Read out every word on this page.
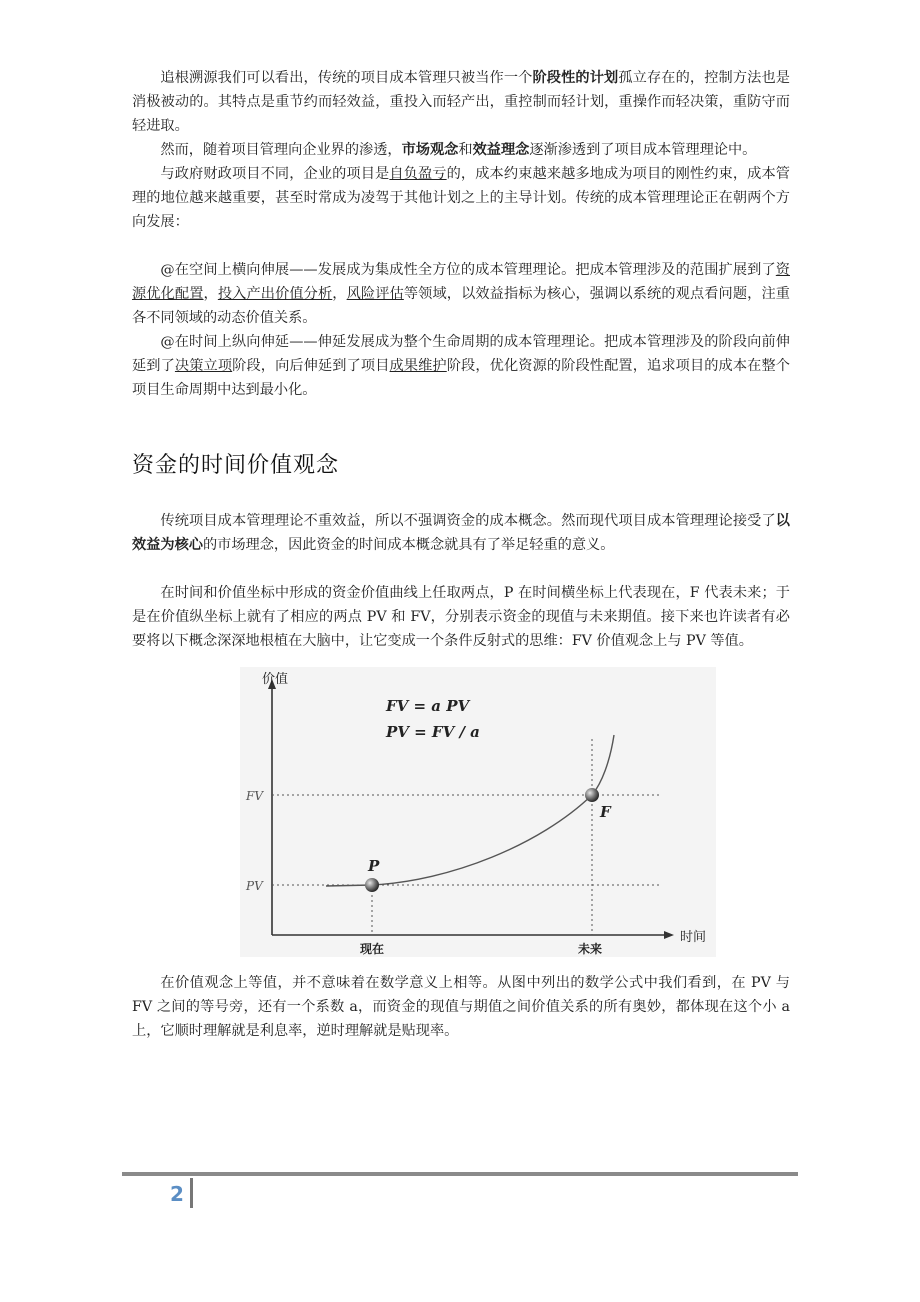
追根溯源我们可以看出，传统的项目成本管理只被当作一个阶段性的计划孤立存在的，控制方法也是消极被动的。其特点是重节约而轻效益，重投入而轻产出，重控制而轻计划，重操作而轻决策，重防守而轻进取。

然而，随着项目管理向企业界的渗透，市场观念和效益理念逐渐渗透到了项目成本管理理论中。

与政府财政项目不同，企业的项目是自负盈亏的，成本约束越来越多地成为项目的刚性约束，成本管理的地位越来越重要，甚至时常成为凌驾于其他计划之上的主导计划。传统的成本管理理论正在朝两个方向发展：

@在空间上横向伸展——发展成为集成性全方位的成本管理理论。把成本管理涉及的范围扩展到了资源优化配置，投入产出价值分析，风险评估等领域，以效益指标为核心，强调以系统的观点看问题，注重各不同领域的动态价值关系。

@在时间上纵向伸延——伸延发展成为整个生命周期的成本管理理论。把成本管理涉及的阶段向前伸延到了决策立项阶段，向后伸延到了项目成果维护阶段，优化资源的阶段性配置，追求项目的成本在整个项目生命周期中达到最小化。

资金的时间价值观念

传统项目成本管理理论不重效益，所以不强调资金的成本概念。然而现代项目成本管理理论接受了以效益为核心的市场理念，因此资金的时间成本概念就具有了举足轻重的意义。

在时间和价值坐标中形成的资金价值曲线上任取两点，P 在时间横坐标上代表现在，F 代表未来；于是在价值纵坐标上就有了相应的两点 PV 和 FV，分别表示资金的现值与未来期值。接下来也许读者有必要将以下概念深深地根植在大脑中，让它变成一个条件反射式的思维：FV 价值观念上与 PV 等值。

价值
时间
FV = a PV
PV = FV / a
FV
PV
P
F
现在	未来

在价值观念上等值，并不意味着在数学意义上相等。从图中列出的数学公式中我们看到，在 PV 与 FV 之间的等号旁，还有一个系数 a，而资金的现值与期值之间价值关系的所有奥妙，都体现在这个小 a 上，它顺时理解就是利息率，逆时理解就是贴现率。

2
